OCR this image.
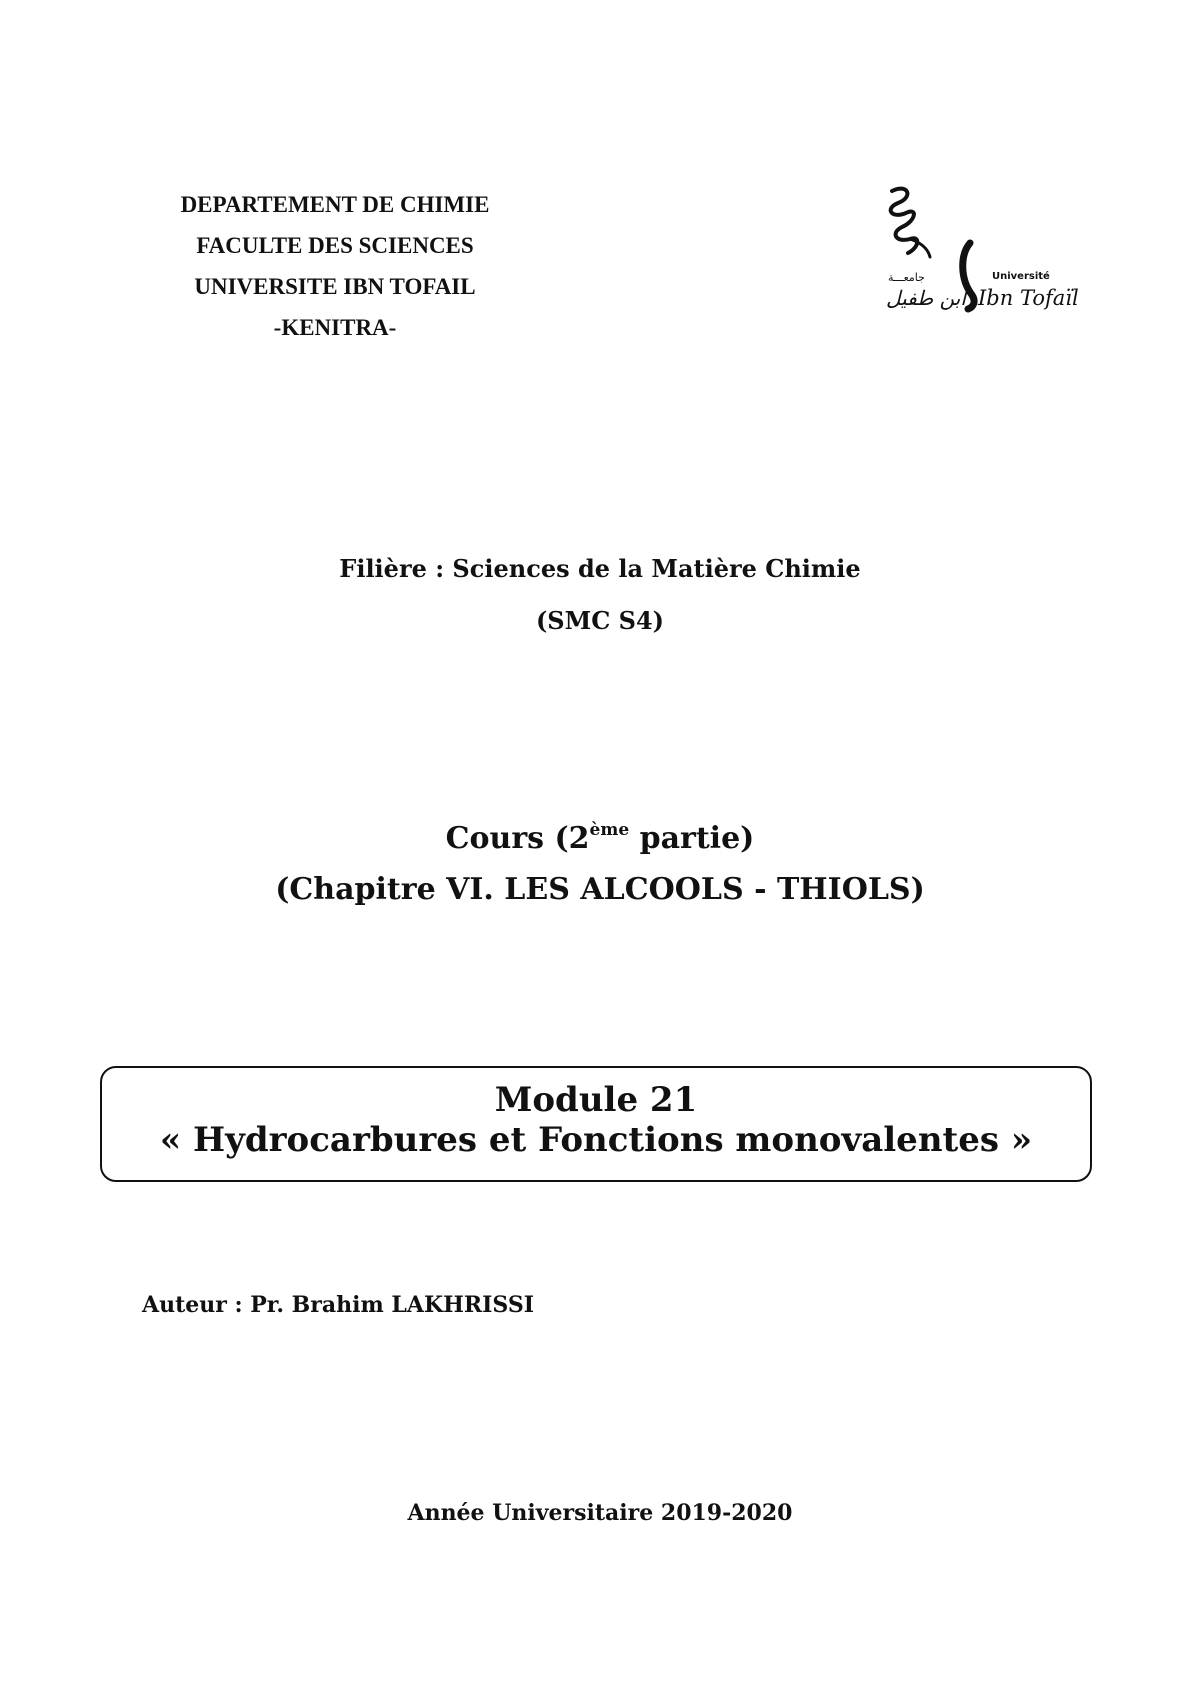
DEPARTEMENT DE CHIMIE
FACULTE DES SCIENCES
UNIVERSITE IBN TOFAIL
-KENITRA-
جامعـــة
ابن طفيل
Université
Ibn Tofaïl
Filière : Sciences de la Matière Chimie
(SMC S4)
Cours (2ème partie)
(Chapitre VI. LES ALCOOLS - THIOLS)
Module 21
« Hydrocarbures et Fonctions monovalentes »
Auteur : Pr. Brahim LAKHRISSI
Année Universitaire 2019-2020
